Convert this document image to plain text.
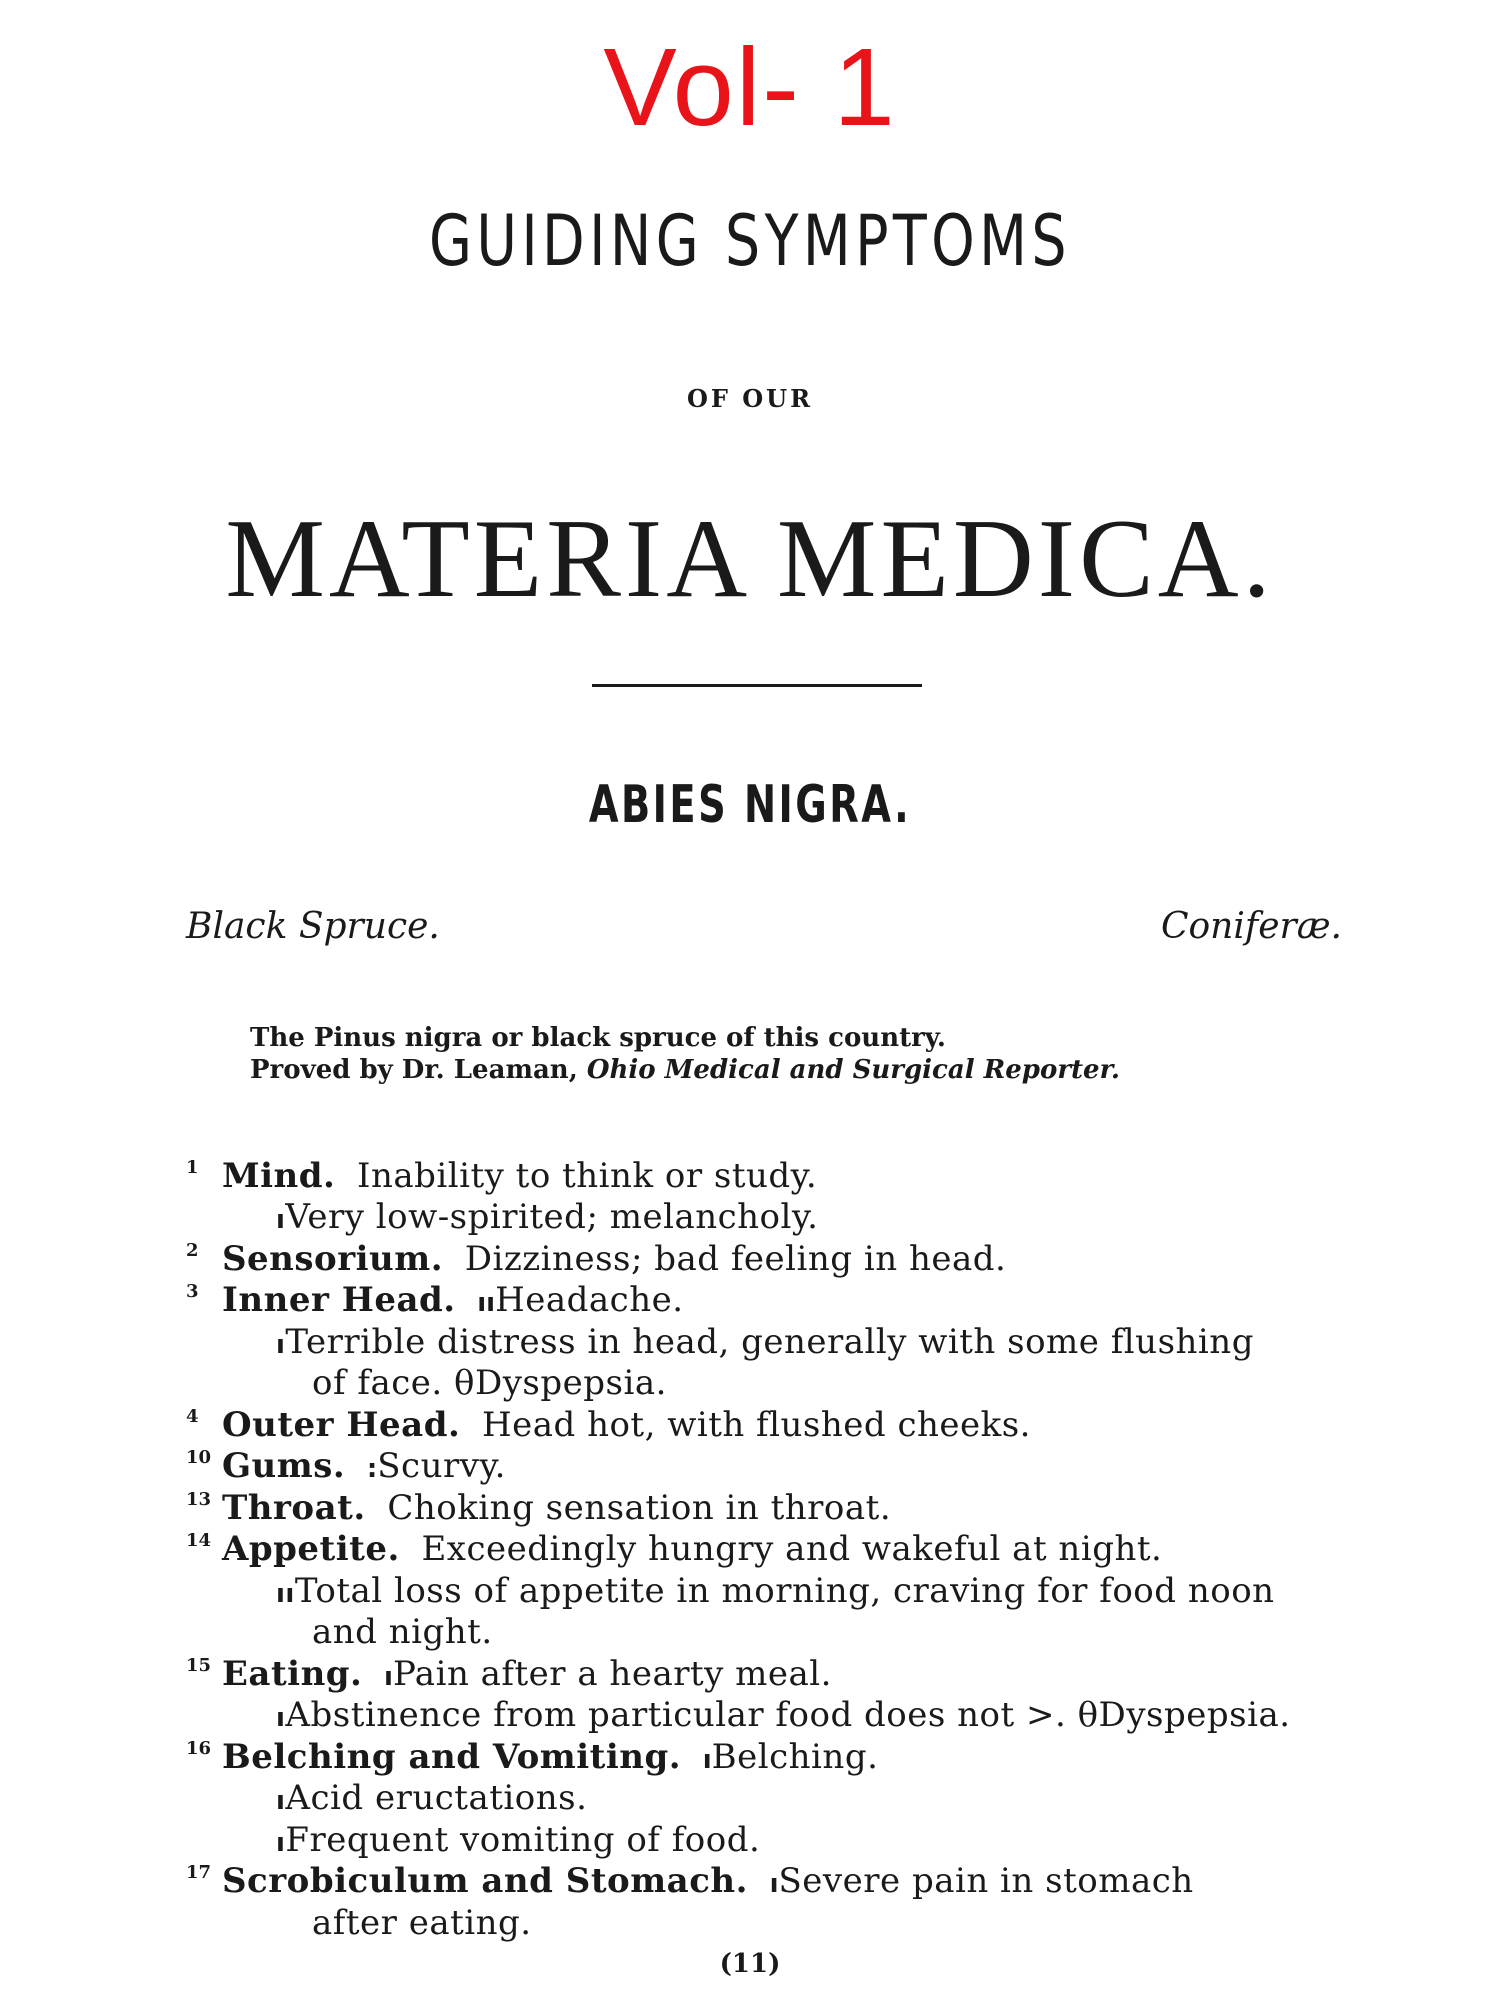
Vol- 1
GUIDING SYMPTOMS
OF OUR
MATERIA MEDICA.
ABIES NIGRA.
Black Spruce.	Coniferæ.
The Pinus nigra or black spruce of this country.
Proved by Dr. Leaman, Ohio Medical and Surgical Reporter.
1 Mind. Inability to think or study.
ıVery low-spirited; melancholy.
2 Sensorium. Dizziness; bad feeling in head.
3 Inner Head. ııHeadache.
ıTerrible distress in head, generally with some flushing
of face. θDyspepsia.
4 Outer Head. Head hot, with flushed cheeks.
10 Gums. :Scurvy.
13 Throat. Choking sensation in throat.
14 Appetite. Exceedingly hungry and wakeful at night.
ııTotal loss of appetite in morning, craving for food noon
and night.
15 Eating. ıPain after a hearty meal.
ıAbstinence from particular food does not >. θDyspepsia.
16 Belching and Vomiting. ıBelching.
ıAcid eructations.
ıFrequent vomiting of food.
17 Scrobiculum and Stomach. ıSevere pain in stomach
after eating.
(11)
